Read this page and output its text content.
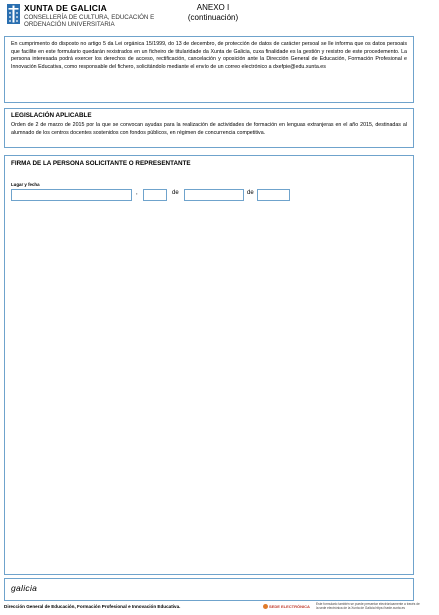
XUNTA DE GALICIA
CONSELLERÍA DE CULTURA, EDUCACIÓN E ORDENACIÓN UNIVERSITARIA
ANEXO I
(continuación)
En cumprimento do disposto no artigo 5 da Lei orgánica 15/1999, do 13 de decembro, de protección de datos de carácter persoal se lle informa que os datos persoais que facilite en este formulario quedarán rexistrados en un ficheiro de titularidade da Xunta de Galicia, cuxa finalidade es la gestión y rexistro de este procedemento. La persona interesada podrá exercer los derechos de acceso, rectificación, cancelación y oposición ante la Dirección General de Educación, Formación Profesional e Innovación Educativa, como responsable del fichero, solicitándolo mediante el envío de un correo electrónico a dxefpie@edu.xunta.es
LEGISLACIÓN APLICABLE
Orden de 2 de marzo de 2015 por la que se convocan ayudas para la realización de actividades de formación en lenguas extranjeras en el año 2015, destinadas al alumnado de los centros docentes sostenidos con fondos públicos, en régimen de concurrencia competitiva.
FIRMA DE LA PERSONA SOLICITANTE O REPRESENTANTE
Lugar y fecha
,	de	de
galicia
Dirección General de Educación, Formación Profesional e Innovación Educativa.	SEDE ELECTRÓNICA Este formulario también se puede presentar electrónicamente a través de la sede electrónica de la Xunta de Galicia https://sede.xunta.es
